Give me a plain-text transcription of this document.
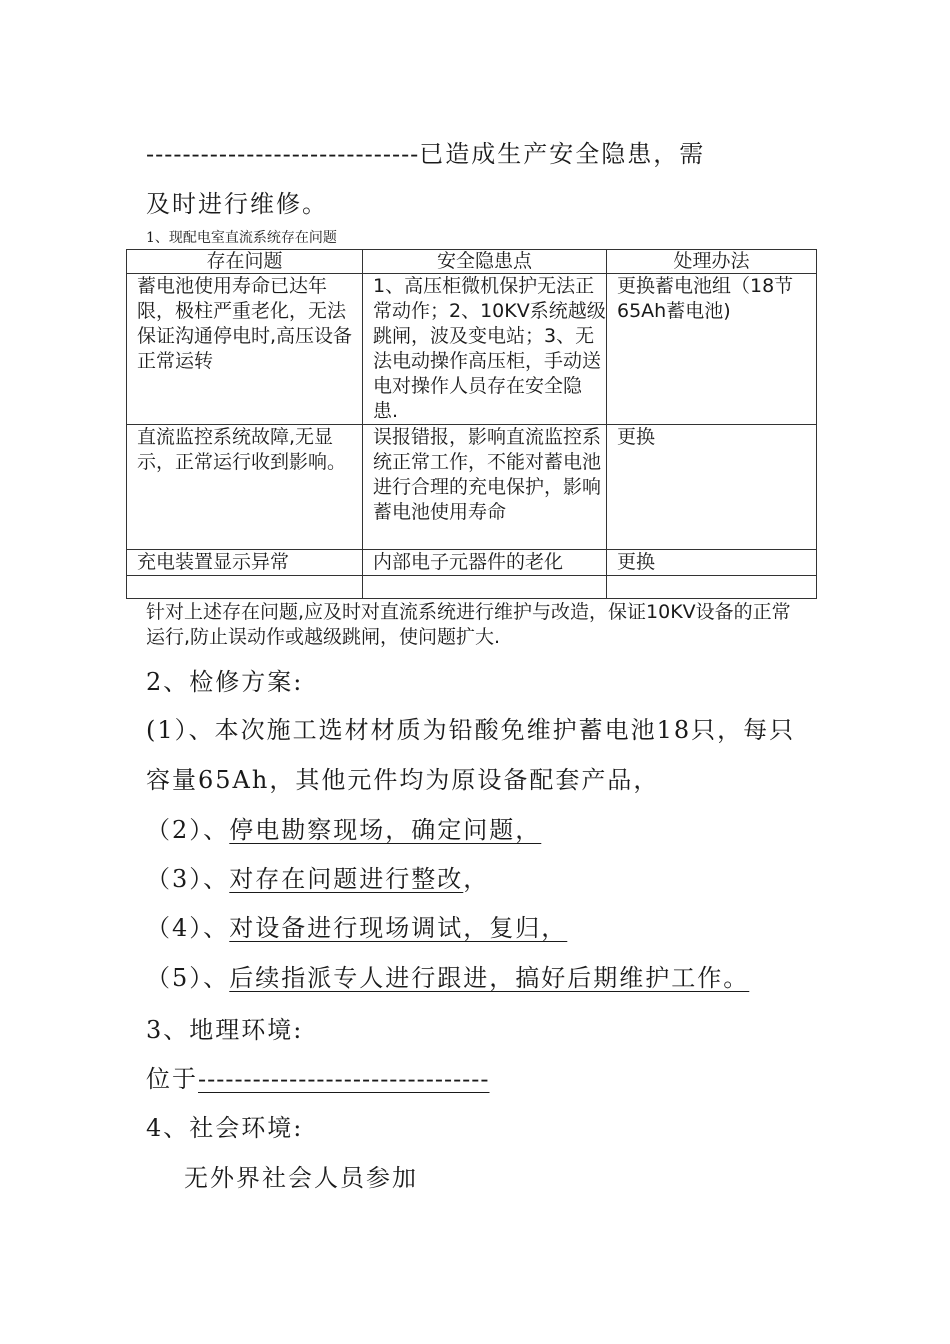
------------------------------已造成生产安全隐患，需
及时进行维修。
1、现配电室直流系统存在问题
存在问题	安全隐患点	处理办法
蓄电池使用寿命已达年限，极柱严重老化，无法保证沟通停电时,高压设备正常运转	1、高压柜微机保护无法正常动作；2、10KV系统越级跳闸，波及变电站；3、无法电动操作高压柜，手动送电对操作人员存在安全隐患.	更换蓄电池组（18节65Ah蓄电池)
直流监控系统故障,无显示，正常运行收到影响。	误报错报，影响直流监控系统正常工作，不能对蓄电池进行合理的充电保护，影响蓄电池使用寿命	更换
充电装置显示异常	内部电子元器件的老化	更换

针对上述存在问题,应及时对直流系统进行维护与改造，保证10KV设备的正常运行,防止误动作或越级跳闸，使问题扩大.
2、检修方案:
(1）、本次施工选材材质为铅酸免维护蓄电池18只，每只
容量65Ah，其他元件均为原设备配套产品，
（2）、停电勘察现场，确定问题，
（3）、对存在问题进行整改，
（4）、对设备进行现场调试，复归，
（5）、后续指派专人进行跟进，搞好后期维护工作。
3、地理环境:
位于--------------------------------
4、社会环境:
无外界社会人员参加
